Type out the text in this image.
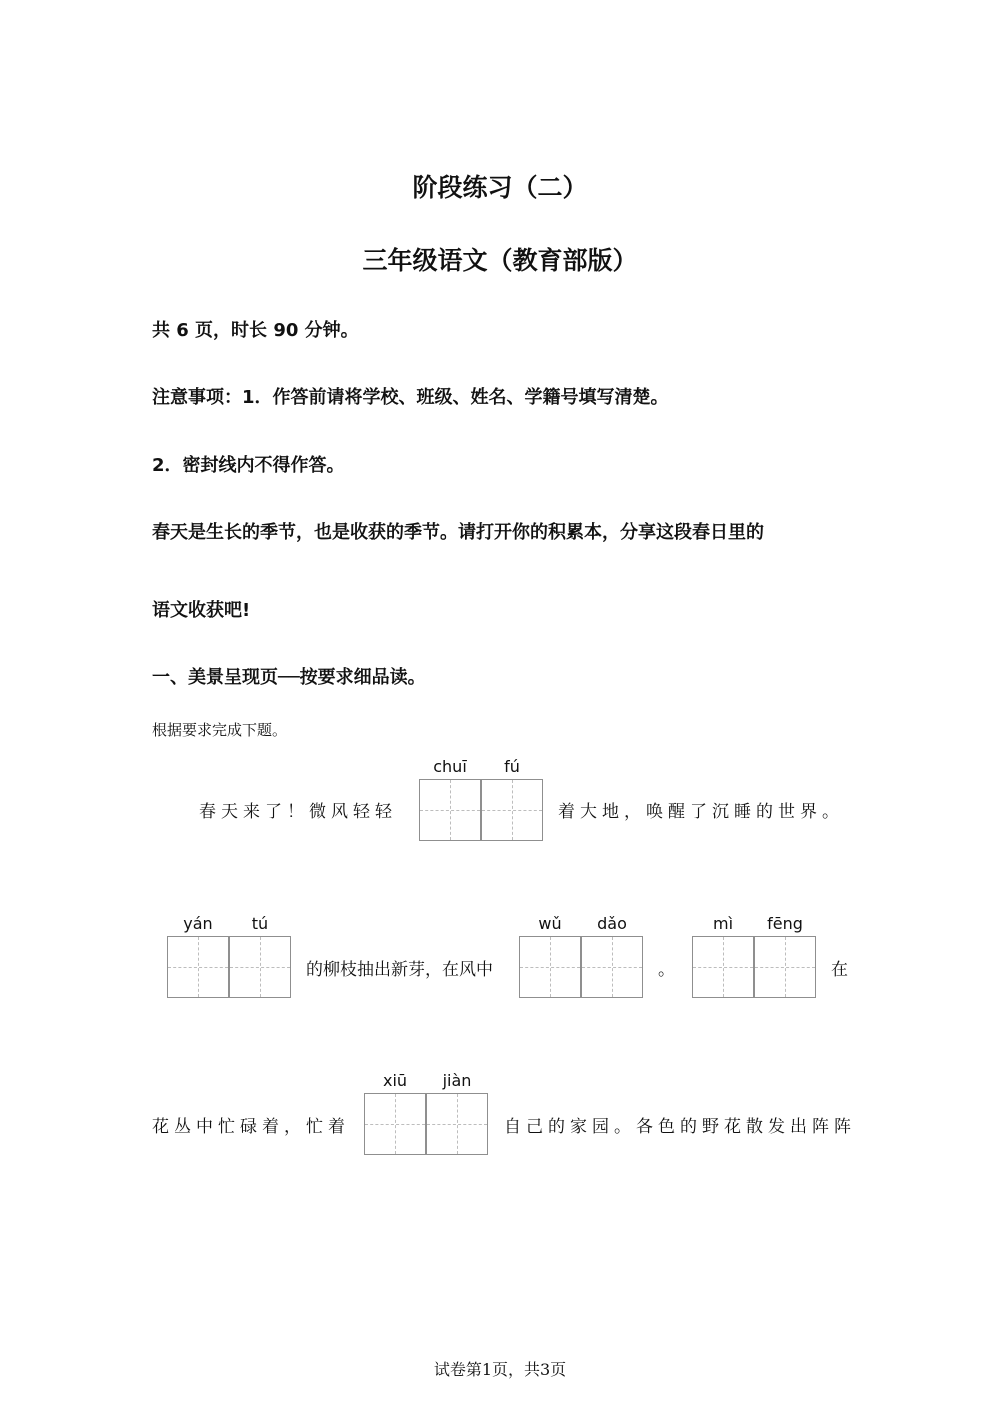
阶段练习（二）
三年级语文（教育部版）
共 6 页，时长 90 分钟。
注意事项：1．作答前请将学校、班级、姓名、学籍号填写清楚。
2．密封线内不得作答。
春天是生长的季节，也是收获的季节。请打开你的积累本，分享这段春日里的
语文收获吧!
一、美景呈现页──按要求细品读。
根据要求完成下题。
春天来了！微风轻轻
chuī	fú
着大地，唤醒了沉睡的世界。
yán	tú
的柳枝抽出新芽，在风中
wǔ	dǎo
。
mì	fēng
在
花丛中忙碌着，忙着
xiū	jiàn
自己的家园。各色的野花散发出阵阵
试卷第1页，共3页
